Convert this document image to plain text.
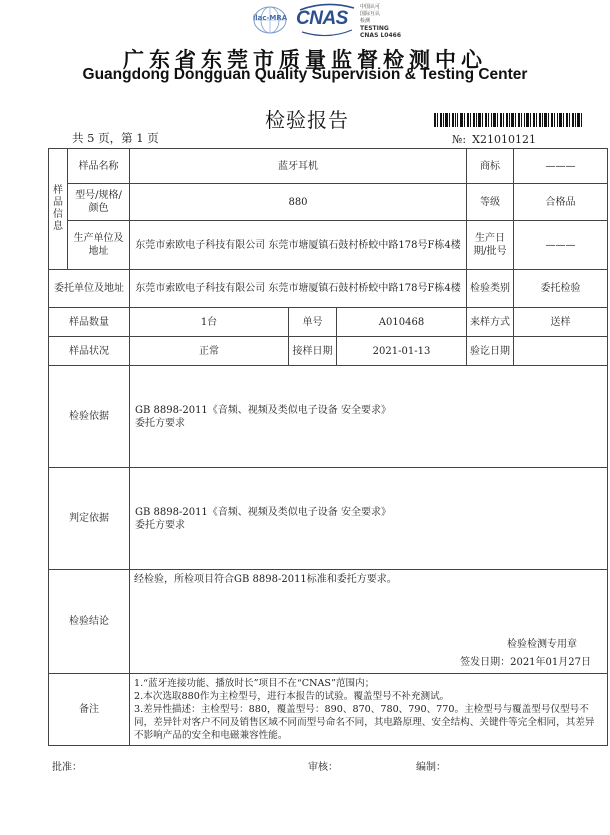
ilac-MRA CNAS
中国认可
国际互认
检测
TESTING
CNAS L0466
广东省东莞市质量监督检测中心
Guangdong Dongguan Quality Supervision & Testing Center
检验报告
共 5 页，第 1 页	№: X21010121
样品信息	样品名称	蓝牙耳机			商标	———
	型号/规格/颜色	880			等级	合格品
	生产单位及地址	东莞市索欧电子科技有限公司 东莞市塘厦镇石鼓村桥蛟中路178号F栋4楼			生产日期/批号	———
委托单位及地址		东莞市索欧电子科技有限公司 东莞市塘厦镇石鼓村桥蛟中路178号F栋4楼			检验类别	委托检验
样品数量		1台	单号	A010468	来样方式	送样
样品状况		正常	接样日期	2021-01-13	验讫日期	
检验依据		GB 8898-2011《音频、视频及类似电子设备 安全要求》
委托方要求				

判定依据		GB 8898-2011《音频、视频及类似电子设备 安全要求》
委托方要求				

检验结论		经检验，所检项目符合GB 8898-2011标准和委托方要求。
检验检测专用章
签发日期：2021年01月27日				

备注		1.“蓝牙连接功能、播放时长”项目不在“CNAS”范围内；
2.本次选取880作为主检型号，进行本报告的试验。覆盖型号不补充测试。
3.差异性描述：主检型号：880，覆盖型号：890、870、780、790、770。主检型号与覆盖型号仅型号不同，差异针对客户不同及销售区域不同而型号命名不同，其电路原理、安全结构、关键件等完全相同，其差异不影响产品的安全和电磁兼容性能。				
批准：	审核：	编制：
